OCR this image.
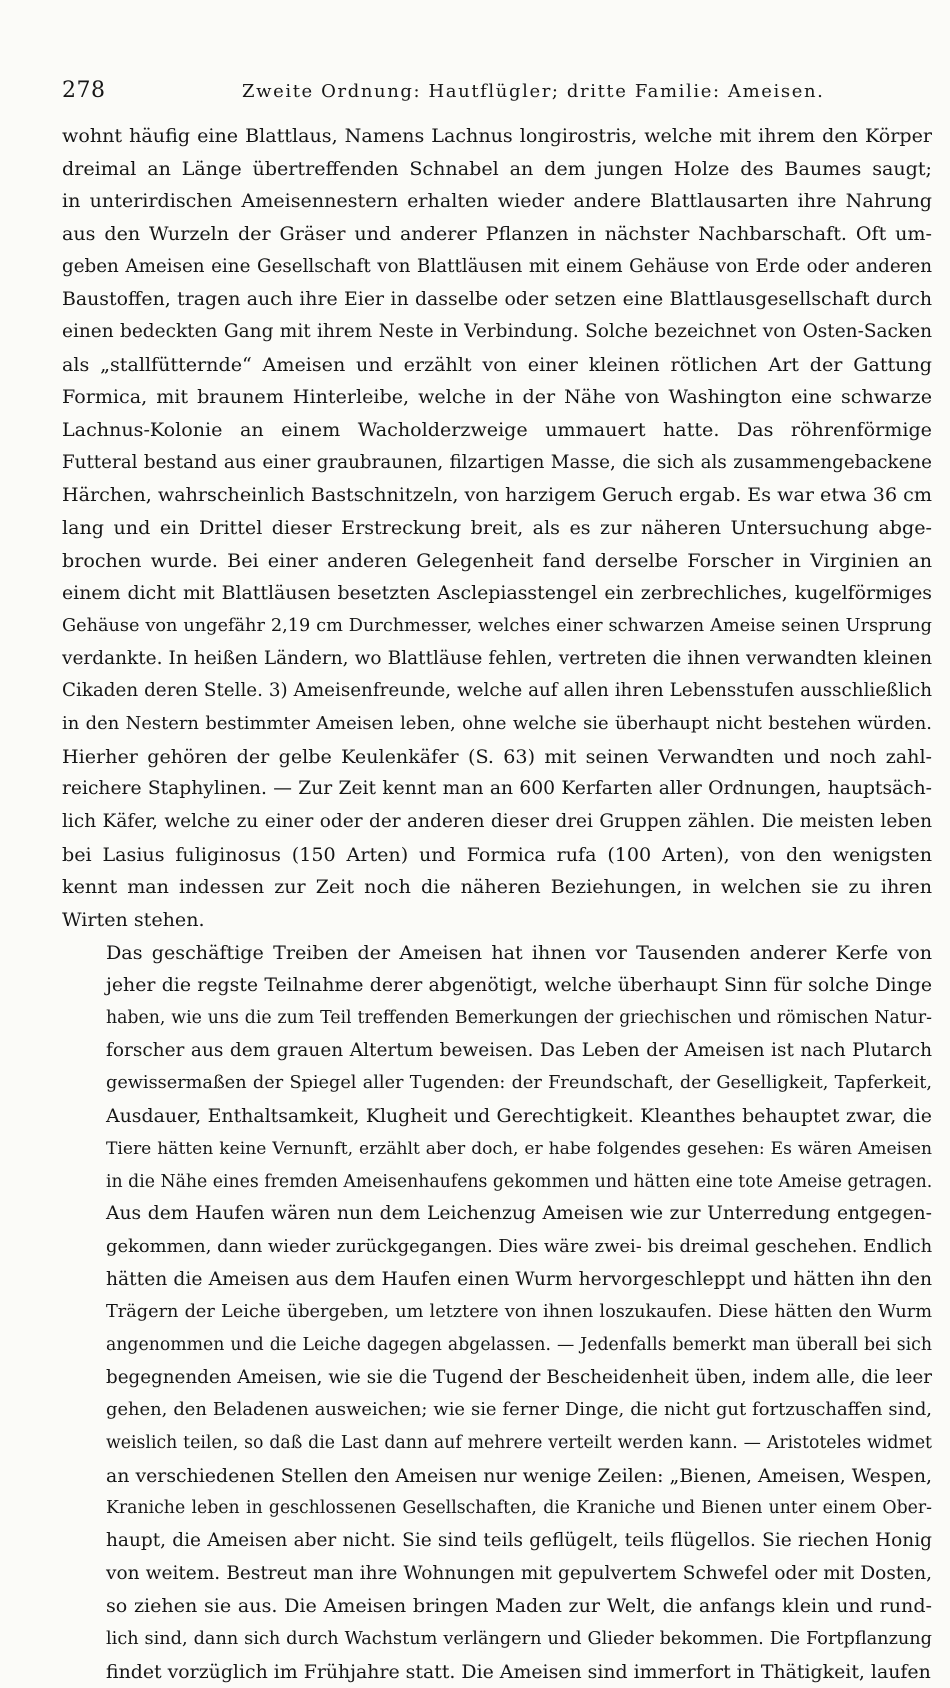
278	Zweite Ordnung: Hautflügler; dritte Familie: Ameisen.
wohnt häufig eine Blattlaus, Namens Lachnus longirostris, welche mit ihrem den Körper
dreimal an Länge übertreffenden Schnabel an dem jungen Holze des Baumes saugt;
in unterirdischen Ameisennestern erhalten wieder andere Blattlausarten ihre Nahrung
aus den Wurzeln der Gräser und anderer Pflanzen in nächster Nachbarschaft. Oft um-
geben Ameisen eine Gesellschaft von Blattläusen mit einem Gehäuse von Erde oder anderen
Baustoffen, tragen auch ihre Eier in dasselbe oder setzen eine Blattlausgesellschaft durch
einen bedeckten Gang mit ihrem Neste in Verbindung. Solche bezeichnet von Osten-Sacken
als „stallfütternde“ Ameisen und erzählt von einer kleinen rötlichen Art der Gattung
Formica, mit braunem Hinterleibe, welche in der Nähe von Washington eine schwarze
Lachnus-Kolonie an einem Wacholderzweige ummauert hatte. Das röhrenförmige
Futteral bestand aus einer graubraunen, filzartigen Masse, die sich als zusammengebackene
Härchen, wahrscheinlich Bastschnitzeln, von harzigem Geruch ergab. Es war etwa 36 cm
lang und ein Drittel dieser Erstreckung breit, als es zur näheren Untersuchung abge-
brochen wurde. Bei einer anderen Gelegenheit fand derselbe Forscher in Virginien an
einem dicht mit Blattläusen besetzten Asclepiasstengel ein zerbrechliches, kugelförmiges
Gehäuse von ungefähr 2,19 cm Durchmesser, welches einer schwarzen Ameise seinen Ursprung
verdankte. In heißen Ländern, wo Blattläuse fehlen, vertreten die ihnen verwandten kleinen
Cikaden deren Stelle. 3) Ameisenfreunde, welche auf allen ihren Lebensstufen ausschließlich
in den Nestern bestimmter Ameisen leben, ohne welche sie überhaupt nicht bestehen würden.
Hierher gehören der gelbe Keulenkäfer (S. 63) mit seinen Verwandten und noch zahl-
reichere Staphylinen. — Zur Zeit kennt man an 600 Kerfarten aller Ordnungen, hauptsäch-
lich Käfer, welche zu einer oder der anderen dieser drei Gruppen zählen. Die meisten leben
bei Lasius fuliginosus (150 Arten) und Formica rufa (100 Arten), von den wenigsten
kennt man indessen zur Zeit noch die näheren Beziehungen, in welchen sie zu ihren
Wirten stehen.
Das geschäftige Treiben der Ameisen hat ihnen vor Tausenden anderer Kerfe von
jeher die regste Teilnahme derer abgenötigt, welche überhaupt Sinn für solche Dinge
haben, wie uns die zum Teil treffenden Bemerkungen der griechischen und römischen Natur-
forscher aus dem grauen Altertum beweisen. Das Leben der Ameisen ist nach Plutarch
gewissermaßen der Spiegel aller Tugenden: der Freundschaft, der Geselligkeit, Tapferkeit,
Ausdauer, Enthaltsamkeit, Klugheit und Gerechtigkeit. Kleanthes behauptet zwar, die
Tiere hätten keine Vernunft, erzählt aber doch, er habe folgendes gesehen: Es wären Ameisen
in die Nähe eines fremden Ameisenhaufens gekommen und hätten eine tote Ameise getragen.
Aus dem Haufen wären nun dem Leichenzug Ameisen wie zur Unterredung entgegen-
gekommen, dann wieder zurückgegangen. Dies wäre zwei- bis dreimal geschehen. Endlich
hätten die Ameisen aus dem Haufen einen Wurm hervorgeschleppt und hätten ihn den
Trägern der Leiche übergeben, um letztere von ihnen loszukaufen. Diese hätten den Wurm
angenommen und die Leiche dagegen abgelassen. — Jedenfalls bemerkt man überall bei sich
begegnenden Ameisen, wie sie die Tugend der Bescheidenheit üben, indem alle, die leer
gehen, den Beladenen ausweichen; wie sie ferner Dinge, die nicht gut fortzuschaffen sind,
weislich teilen, so daß die Last dann auf mehrere verteilt werden kann. — Aristoteles widmet
an verschiedenen Stellen den Ameisen nur wenige Zeilen: „Bienen, Ameisen, Wespen,
Kraniche leben in geschlossenen Gesellschaften, die Kraniche und Bienen unter einem Ober-
haupt, die Ameisen aber nicht. Sie sind teils geflügelt, teils flügellos. Sie riechen Honig
von weitem. Bestreut man ihre Wohnungen mit gepulvertem Schwefel oder mit Dosten,
so ziehen sie aus. Die Ameisen bringen Maden zur Welt, die anfangs klein und rund-
lich sind, dann sich durch Wachstum verlängern und Glieder bekommen. Die Fortpflanzung
findet vorzüglich im Frühjahre statt. Die Ameisen sind immerfort in Thätigkeit, laufen
